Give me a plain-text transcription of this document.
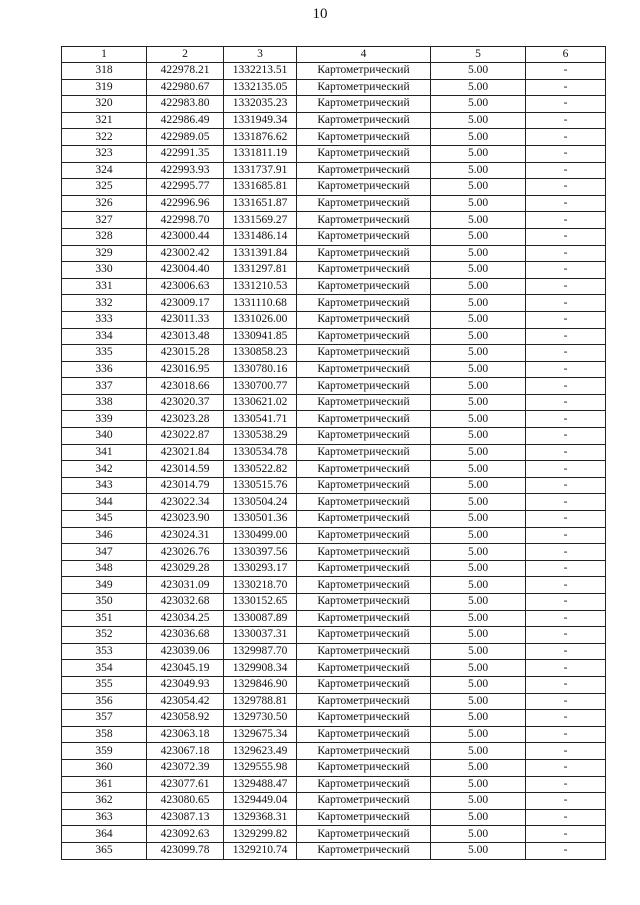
10
1	2	3	4	5	6
318	422978.21	1332213.51	Картометрический	5.00	-
319	422980.67	1332135.05	Картометрический	5.00	-
320	422983.80	1332035.23	Картометрический	5.00	-
321	422986.49	1331949.34	Картометрический	5.00	-
322	422989.05	1331876.62	Картометрический	5.00	-
323	422991.35	1331811.19	Картометрический	5.00	-
324	422993.93	1331737.91	Картометрический	5.00	-
325	422995.77	1331685.81	Картометрический	5.00	-
326	422996.96	1331651.87	Картометрический	5.00	-
327	422998.70	1331569.27	Картометрический	5.00	-
328	423000.44	1331486.14	Картометрический	5.00	-
329	423002.42	1331391.84	Картометрический	5.00	-
330	423004.40	1331297.81	Картометрический	5.00	-
331	423006.63	1331210.53	Картометрический	5.00	-
332	423009.17	1331110.68	Картометрический	5.00	-
333	423011.33	1331026.00	Картометрический	5.00	-
334	423013.48	1330941.85	Картометрический	5.00	-
335	423015.28	1330858.23	Картометрический	5.00	-
336	423016.95	1330780.16	Картометрический	5.00	-
337	423018.66	1330700.77	Картометрический	5.00	-
338	423020.37	1330621.02	Картометрический	5.00	-
339	423023.28	1330541.71	Картометрический	5.00	-
340	423022.87	1330538.29	Картометрический	5.00	-
341	423021.84	1330534.78	Картометрический	5.00	-
342	423014.59	1330522.82	Картометрический	5.00	-
343	423014.79	1330515.76	Картометрический	5.00	-
344	423022.34	1330504.24	Картометрический	5.00	-
345	423023.90	1330501.36	Картометрический	5.00	-
346	423024.31	1330499.00	Картометрический	5.00	-
347	423026.76	1330397.56	Картометрический	5.00	-
348	423029.28	1330293.17	Картометрический	5.00	-
349	423031.09	1330218.70	Картометрический	5.00	-
350	423032.68	1330152.65	Картометрический	5.00	-
351	423034.25	1330087.89	Картометрический	5.00	-
352	423036.68	1330037.31	Картометрический	5.00	-
353	423039.06	1329987.70	Картометрический	5.00	-
354	423045.19	1329908.34	Картометрический	5.00	-
355	423049.93	1329846.90	Картометрический	5.00	-
356	423054.42	1329788.81	Картометрический	5.00	-
357	423058.92	1329730.50	Картометрический	5.00	-
358	423063.18	1329675.34	Картометрический	5.00	-
359	423067.18	1329623.49	Картометрический	5.00	-
360	423072.39	1329555.98	Картометрический	5.00	-
361	423077.61	1329488.47	Картометрический	5.00	-
362	423080.65	1329449.04	Картометрический	5.00	-
363	423087.13	1329368.31	Картометрический	5.00	-
364	423092.63	1329299.82	Картометрический	5.00	-
365	423099.78	1329210.74	Картометрический	5.00	-
